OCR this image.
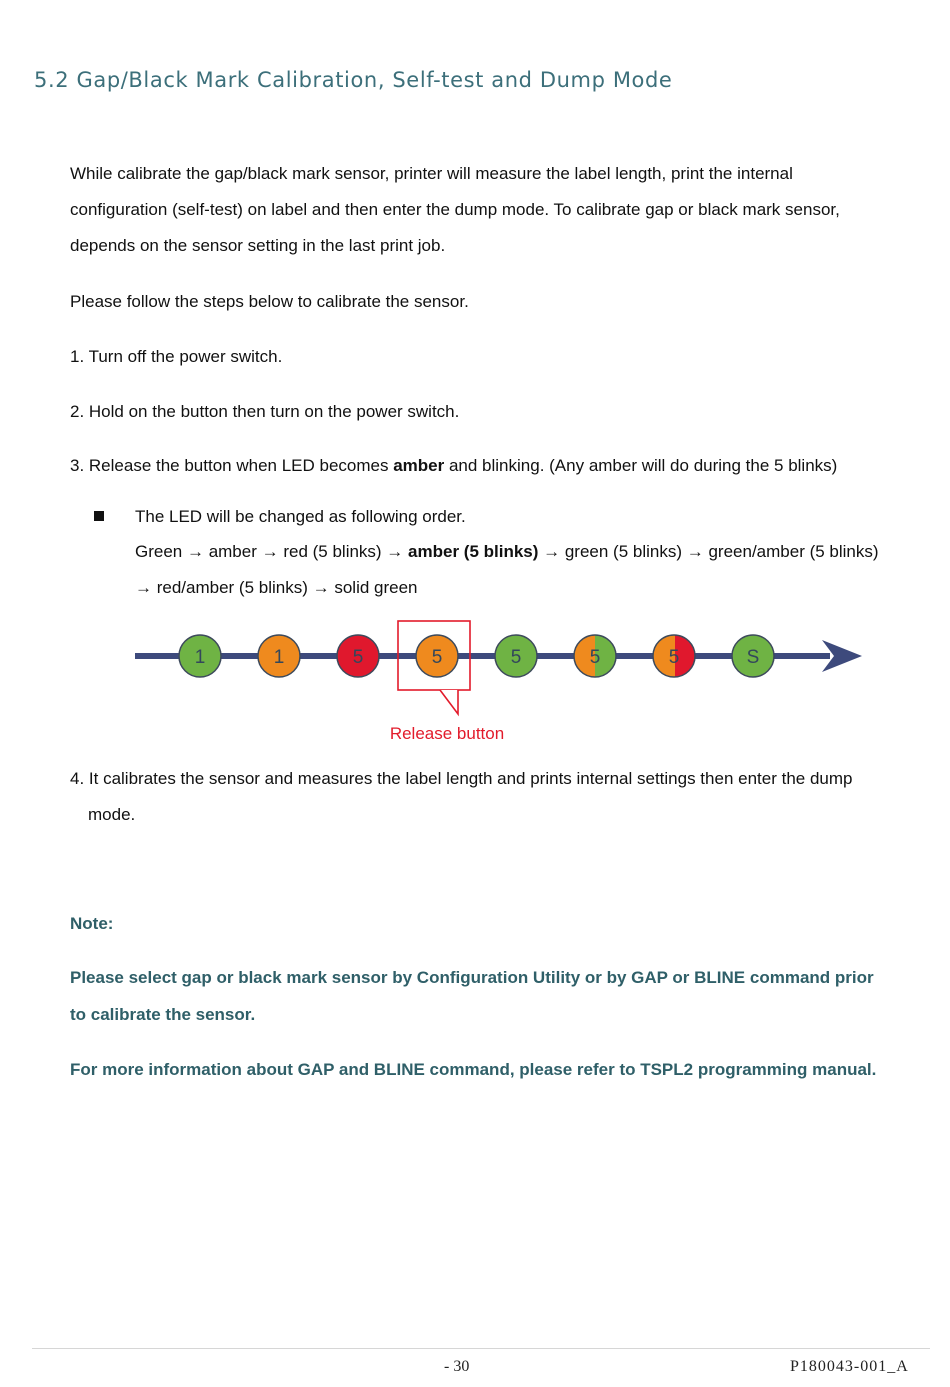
5.2 Gap/Black Mark Calibration, Self-test and Dump Mode
While calibrate the gap/black mark sensor, printer will measure the label length, print the internal
configuration (self-test) on label and then enter the dump mode. To calibrate gap or black mark sensor,
depends on the sensor setting in the last print job.
Please follow the steps below to calibrate the sensor.
1. Turn off the power switch.
2. Hold on the button then turn on the power switch.
3. Release the button when LED becomes amber and blinking. (Any amber will do during the 5 blinks)
The LED will be changed as following order.
Green → amber → red (5 blinks) → amber (5 blinks) → green (5 blinks) → green/amber (5 blinks)
→ red/amber (5 blinks) → solid green
1	1	5	5	5	5	5	S
Release button
4. It calibrates the sensor and measures the label length and prints internal settings then enter the dump
mode.
Note:
Please select gap or black mark sensor by Configuration Utility or by GAP or BLINE command prior
to calibrate the sensor.
For more information about GAP and BLINE command, please refer to TSPL2 programming manual.
- 30	P180043-001_A
